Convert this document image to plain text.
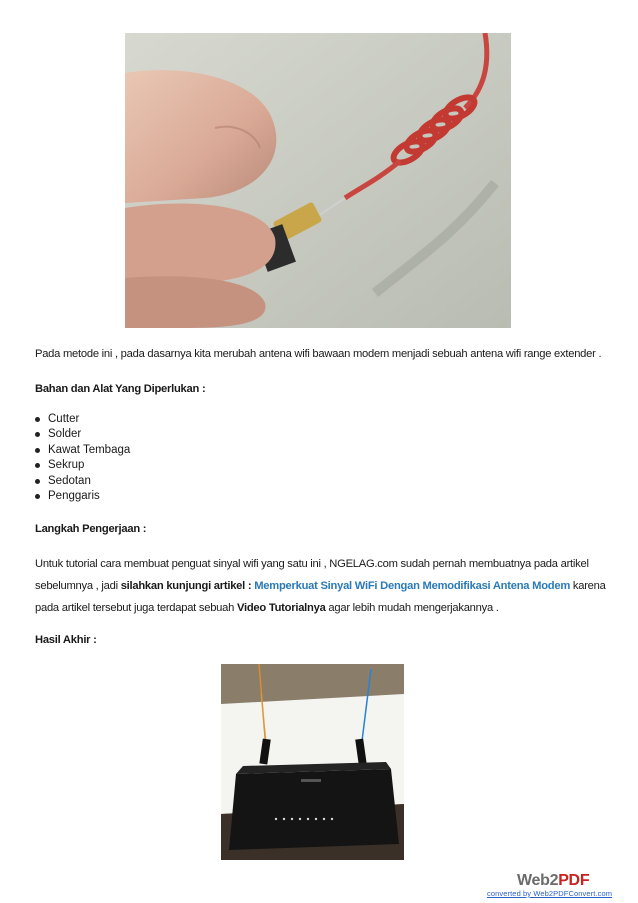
Pada metode ini , pada dasarnya kita merubah antena wifi bawaan modem menjadi sebuah antena wifi range extender .
Bahan dan Alat Yang Diperlukan :
Cutter
Solder
Kawat Tembaga
Sekrup
Sedotan
Penggaris
Langkah Pengerjaan :
Untuk tutorial cara membuat penguat sinyal wifi yang satu ini , NGELAG.com sudah pernah membuatnya pada artikel sebelumnya , jadi silahkan kunjungi artikel : Memperkuat Sinyal WiFi Dengan Memodifikasi Antena Modem karena pada artikel tersebut juga terdapat sebuah Video Tutorialnya agar lebih mudah mengerjakannya .
Hasil Akhir :
Web2PDF
converted by Web2PDFConvert.com
